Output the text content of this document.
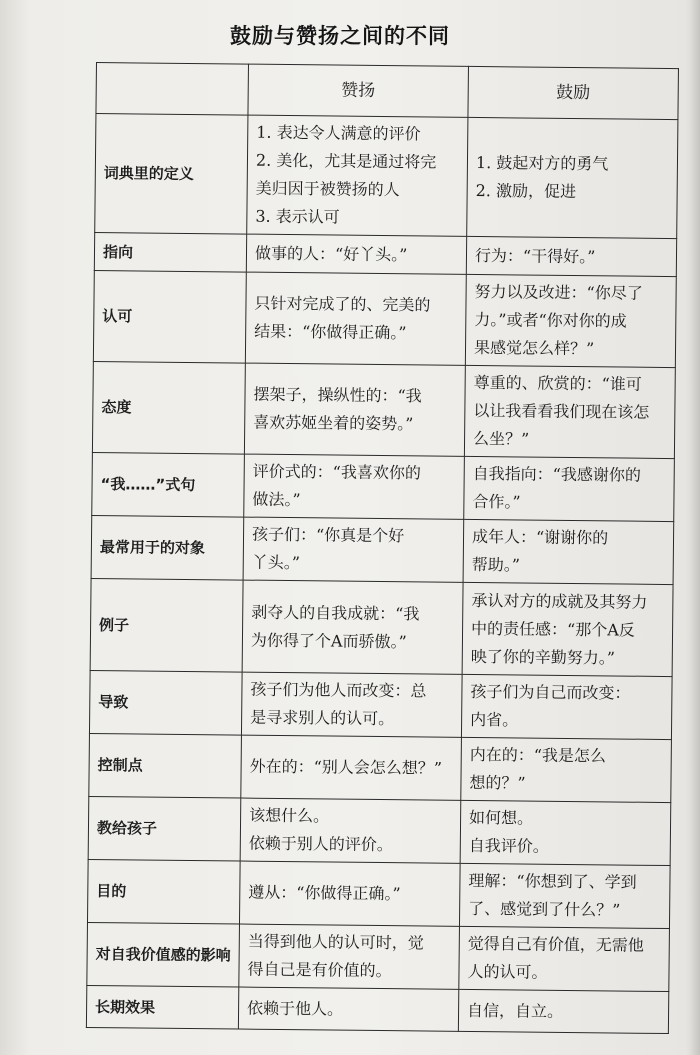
鼓励与赞扬之间的不同
	赞扬	鼓励
词典里的定义	1. 表达令人满意的评价
2. 美化，尤其是通过将完
美归因于被赞扬的人
3. 表示认可	1. 鼓起对方的勇气
2. 激励，促进

指向	做事的人：“好丫头。”	行为：“干得好。”

认可	只针对完成了的、完美的
结果：“你做得正确。”	努力以及改进：“你尽了
力。”或者“你对你的成
果感觉怎么样？”

态度	摆架子，操纵性的：“我
喜欢苏姬坐着的姿势。”	尊重的、欣赏的：“谁可
以让我看看我们现在该怎
么坐？”

“我……”式句	评价式的：“我喜欢你的
做法。”	自我指向：“我感谢你的
合作。”

最常用于的对象	孩子们：“你真是个好
丫头。”	成年人：“谢谢你的
帮助。”

例子	剥夺人的自我成就：“我
为你得了个A而骄傲。”	承认对方的成就及其努力
中的责任感：“那个A反
映了你的辛勤努力。”

导致	孩子们为他人而改变：总
是寻求别人的认可。	孩子们为自己而改变：
内省。

控制点	外在的：“别人会怎么想？”	内在的：“我是怎么
想的？”

教给孩子	该想什么。
依赖于别人的评价。	如何想。
自我评价。

目的	遵从：“你做得正确。”	理解：“你想到了、学到
了、感觉到了什么？”

对自我价值感的影响	当得到他人的认可时，觉
得自己是有价值的。	觉得自己有价值，无需他
人的认可。

长期效果	依赖于他人。	自信，自立。
